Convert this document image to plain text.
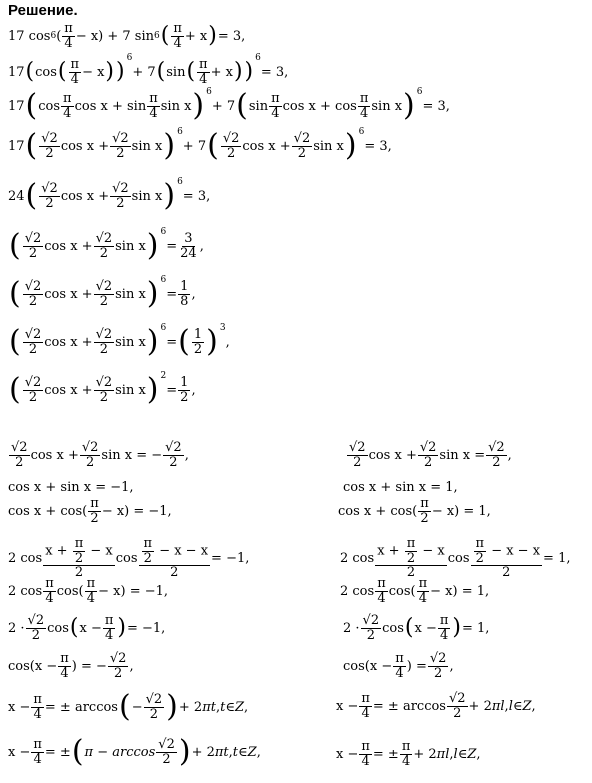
Решение.
17 cos 6 ( $\frac{\pi}{4} - x) + 7$ sin 6 ( $\frac{\pi}{4} + x$ ) = 3,
17 ( cos ( $\frac{\pi}{4} - x$ ) )
6
+ 7 ( sin ( $\frac{\pi}{4} + x$ ) )
6
= 3,
17 ( $\cos \frac{\pi}{4}$ $\cos x + \sin \frac{\pi}{4}$ sin x ) 6
+ 7 ( $\sin \frac{\pi}{4}$ $\cos x + \cos \frac{\pi}{4}$ sin x ) 6
= 3,
17 ( $\frac{√2}{2}$ $\cos x + \frac{√2}{2}$ sin x ) 6
+ 7 ( $\frac{√2}{2}$ $\cos x + \frac{√2}{2}$ sin x ) 6
= 3,
24 ( $\frac{√2}{2}$ $\cos x + \frac{√2}{2}$ sin x ) 6
= 3,
( $\frac{√2}{2}$ $\cos x + \frac{√2}{2}$ sin x ) 6
= $\frac{3}{24}$ ,
( $\frac{√2}{2}$ $\cos x + \frac{√2}{2}$ sin x ) 6
= $\frac{1}{8}$ ,
( $\frac{√2}{2}$ $\cos x + \frac{√2}{2}$ sin x ) 6
= ( $\frac{1}{2}$ ) 3
,
( $\frac{√2}{2}$ $\cos x + \frac{√2}{2}$ sin x ) 2
= $\frac{1}{2}$ ,
$\frac{√2}{2}$ $\cos x + \frac{√2}{2}$ sin x = − $\frac{√2}{2}$ ,
cos x + sin x = −1,
$\cos x + \cos( \frac{\pi}{2} - x) = -1$,
2 $\cos \frac{x + \frac{\pi}{2} - x}{2}$ $\cos \frac{\frac{\pi}{2} - x - x}{2} = -1$,
2 $\cos \frac{\pi}{4} \cos( \frac{\pi}{4} - x) = -1$,
$2 \cdot \frac{√2}{2}$ cos ( $x - \frac{\pi}{4}$ ) = −1,
$\cos(x - \frac{\pi}{4}$ ) = − $\frac{√2}{2}$ ,
$x - \frac{\pi}{4}$ = ± arccos ( − $\frac{√2}{2}$ ) + 2 πt , t ∈ Z ,
$x - \frac{\pi}{4}$ = ± ( $\pi - \arccos \frac{√2}{2}$ ) + 2 πt , t ∈ Z ,
$\frac{√2}{2}$ $\cos x + \frac{√2}{2}$ $\sin x = \frac{√2}{2}$ ,
cos x + sin x = 1,
$\cos x + \cos( \frac{\pi}{2} - x) = 1$,
2 $\cos \frac{x + \frac{\pi}{2} - x}{2}$ $\cos \frac{\frac{\pi}{2} - x - x}{2} = 1$,
2 $\cos \frac{\pi}{4} \cos( \frac{\pi}{4} - x) = 1$,
$2 \cdot \frac{√2}{2}$ cos ( $x - \frac{\pi}{4}$ ) = 1,
$\cos(x - \frac{\pi}{4}$ ) = $\frac{√2}{2}$ ,
$x - \frac{\pi}{4}$ = ± $\arccos \frac{√2}{2} + 2$ πl , l ∈ Z ,
$x - \frac{\pi}{4}$ = ± $\frac{\pi}{4} + 2$ πl , l ∈ Z ,
